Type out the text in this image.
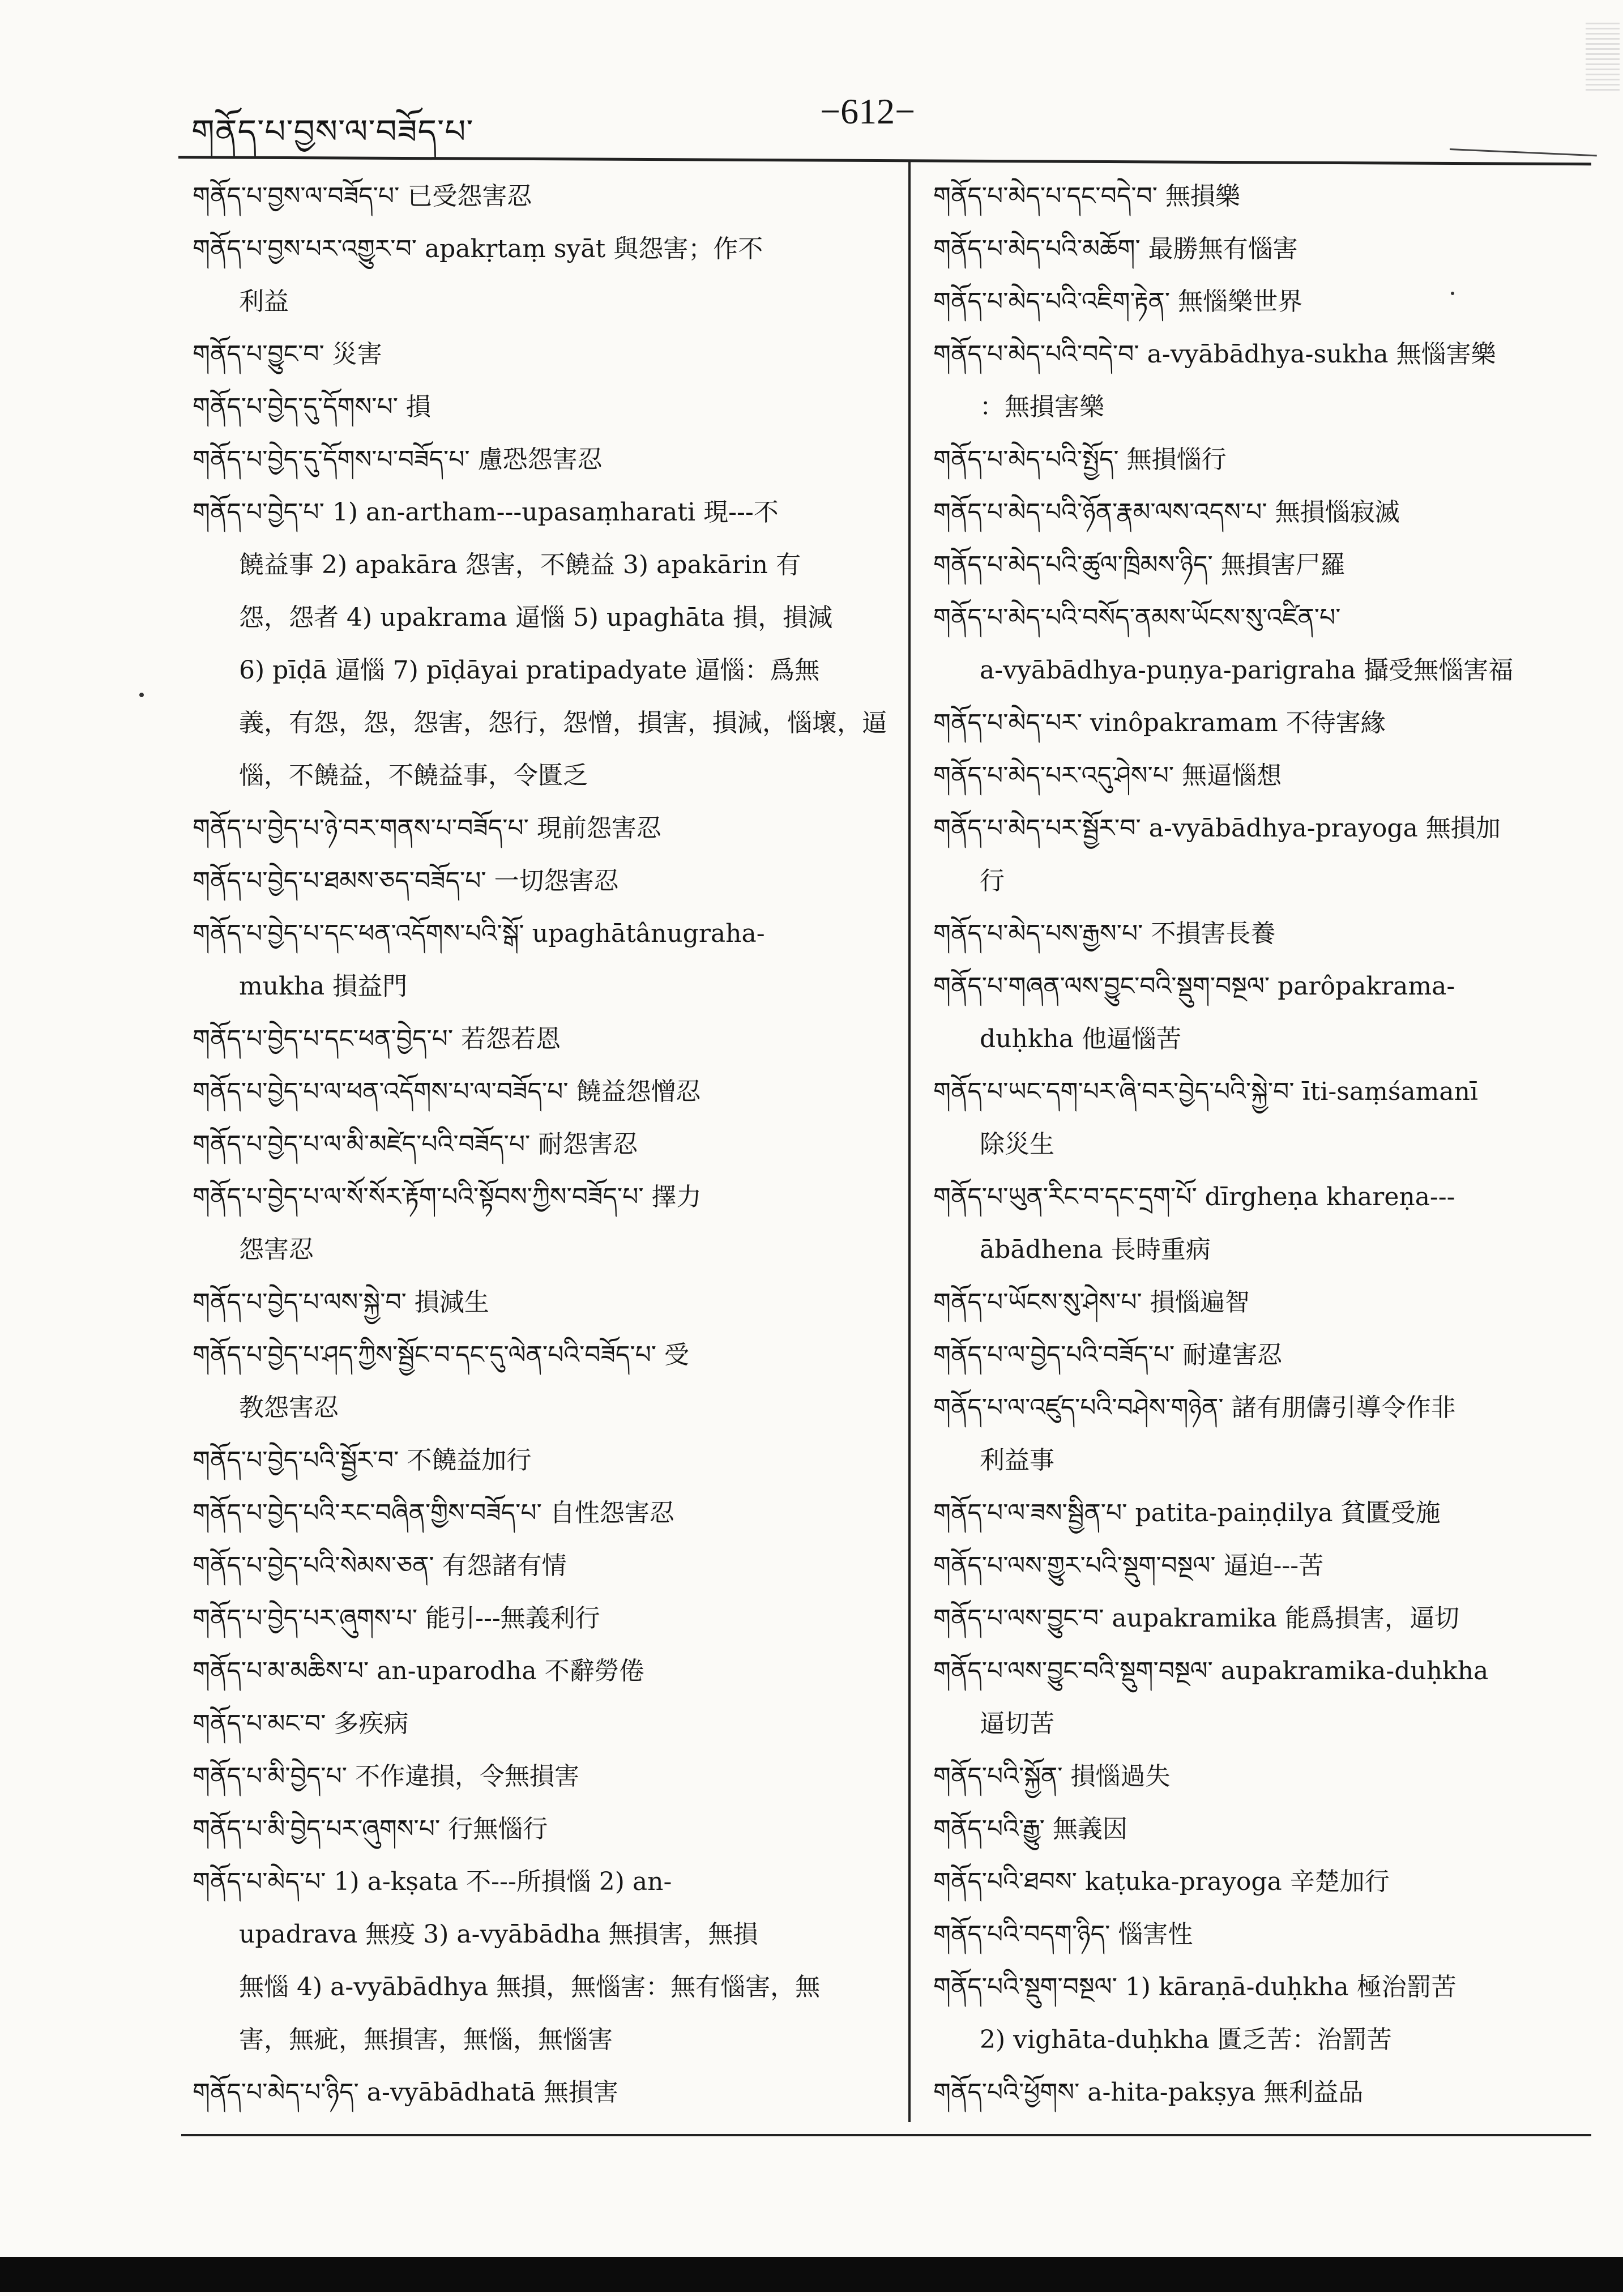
གནོད་པ་བྱས་ལ་བཟོད་པ་	−612−
གནོད་པ་བྱས་ལ་བཟོད་པ་ 已受怨害忍
གནོད་པ་བྱས་པར་འགྱུར་བ་ apakṛtaṃ syāt 與怨害；作不
利益
གནོད་པ་བྱུང་བ་ 災害
གནོད་པ་བྱེད་དུ་དོགས་པ་ 損
གནོད་པ་བྱེད་དུ་དོགས་པ་བཟོད་པ་ 慮恐怨害忍
གནོད་པ་བྱེད་པ་ 1) an-artham---upasaṃharati 現---不
饒益事 2) apakāra 怨害，不饒益 3) apakārin 有
怨，怨者 4) upakrama 逼惱 5) upaghāta 損，損減
6) pīḍā 逼惱 7) pīḍāyai pratipadyate 逼惱：爲無
義，有怨，怨，怨害，怨行，怨憎，損害，損減，惱壞，逼
惱，不饒益，不饒益事，令匱乏
གནོད་པ་བྱེད་པ་ཉེ་བར་གནས་པ་བཟོད་པ་ 現前怨害忍
གནོད་པ་བྱེད་པ་ཐམས་ཅད་བཟོད་པ་ 一切怨害忍
གནོད་པ་བྱེད་པ་དང་ཕན་འདོགས་པའི་སྒོ་ upaghātânugraha-
mukha 損益門
གནོད་པ་བྱེད་པ་དང་ཕན་བྱེད་པ་ 若怨若恩
གནོད་པ་བྱེད་པ་ལ་ཕན་འདོགས་པ་ལ་བཟོད་པ་ 饒益怨憎忍
གནོད་པ་བྱེད་པ་ལ་མི་མཛེད་པའི་བཟོད་པ་ 耐怨害忍
གནོད་པ་བྱེད་པ་ལ་སོ་སོར་རྟོག་པའི་སྟོབས་ཀྱིས་བཟོད་པ་ 擇力
怨害忍
གནོད་པ་བྱེད་པ་ལས་སྐྱེ་བ་ 損減生
གནོད་པ་བྱེད་པ་ཤད་ཀྱིས་སྦྱོང་བ་དང་དུ་ལེན་པའི་བཟོད་པ་ 受
教怨害忍
གནོད་པ་བྱེད་པའི་སྦྱོར་བ་ 不饒益加行
གནོད་པ་བྱེད་པའི་རང་བཞིན་གྱིས་བཟོད་པ་ 自性怨害忍
གནོད་པ་བྱེད་པའི་སེམས་ཅན་ 有怨諸有情
གནོད་པ་བྱེད་པར་ཞུགས་པ་ 能引---無義利行
གནོད་པ་མ་མཆིས་པ་ an-uparodha 不辭勞倦
གནོད་པ་མང་བ་ 多疾病
གནོད་པ་མི་བྱེད་པ་ 不作違損，令無損害
གནོད་པ་མི་བྱེད་པར་ཞུགས་པ་ 行無惱行
གནོད་པ་མེད་པ་ 1) a-kṣata 不---所損惱 2) an-
upadrava 無疫 3) a-vyābādha 無損害，無損
無惱 4) a-vyābādhya 無損，無惱害：無有惱害，無
害，無疵，無損害，無惱，無惱害
གནོད་པ་མེད་པ་ཉིད་ a-vyābādhatā 無損害
གནོད་པ་མེད་པ་དང་བདེ་བ་ 無損樂
གནོད་པ་མེད་པའི་མཆོག་ 最勝無有惱害
གནོད་པ་མེད་པའི་འཇིག་རྟེན་ 無惱樂世界
གནོད་པ་མེད་པའི་བདེ་བ་ a-vyābādhya-sukha 無惱害樂
：無損害樂
གནོད་པ་མེད་པའི་སྤྱོད་ 無損惱行
གནོད་པ་མེད་པའི་ཉོན་རྣམ་ལས་འདས་པ་ 無損惱寂滅
གནོད་པ་མེད་པའི་ཚུལ་ཁྲིམས་ཉིད་ 無損害尸羅
གནོད་པ་མེད་པའི་བསོད་ནམས་ཡོངས་སུ་འཛིན་པ་
a-vyābādhya-puṇya-parigraha 攝受無惱害福
གནོད་པ་མེད་པར་ vinôpakramam 不待害緣
གནོད་པ་མེད་པར་འདུ་ཤེས་པ་ 無逼惱想
གནོད་པ་མེད་པར་སྦྱོར་བ་ a-vyābādhya-prayoga 無損加
行
གནོད་པ་མེད་པས་རྒྱས་པ་ 不損害長養
གནོད་པ་གཞན་ལས་བྱུང་བའི་སྡུག་བསྔལ་ parôpakrama-
duḥkha 他逼惱苦
གནོད་པ་ཡང་དག་པར་ཞི་བར་བྱེད་པའི་སྐྱེ་བ་ īti-saṃśamanī
除災生
གནོད་པ་ཡུན་རིང་བ་དང་དྲག་པོ་ dīrgheṇa khareṇa---
ābādhena 長時重病
གནོད་པ་ཡོངས་སུ་ཤེས་པ་ 損惱遍智
གནོད་པ་ལ་བྱེད་པའི་བཟོད་པ་ 耐違害忍
གནོད་པ་ལ་འཛུད་པའི་བཤེས་གཉེན་ 諸有朋儔引導令作非
利益事
གནོད་པ་ལ་ཟས་སྦྱིན་པ་ patita-paiṇḍilya 貧匱受施
གནོད་པ་ལས་གྱུར་པའི་སྡུག་བསྔལ་ 逼迫---苦
གནོད་པ་ལས་བྱུང་བ་ aupakramika 能爲損害，逼切
གནོད་པ་ལས་བྱུང་བའི་སྡུག་བསྔལ་ aupakramika-duḥkha
逼切苦
གནོད་པའི་སྐྱོན་ 損惱過失
གནོད་པའི་རྒྱུ་ 無義因
གནོད་པའི་ཐབས་ kaṭuka-prayoga 辛楚加行
གནོད་པའི་བདག་ཉིད་ 惱害性
གནོད་པའི་སྡུག་བསྔལ་ 1) kāraṇā-duḥkha 極治罰苦
2) vighāta-duḥkha 匱乏苦：治罰苦
གནོད་པའི་ཕྱོགས་ a-hita-pakṣya 無利益品
